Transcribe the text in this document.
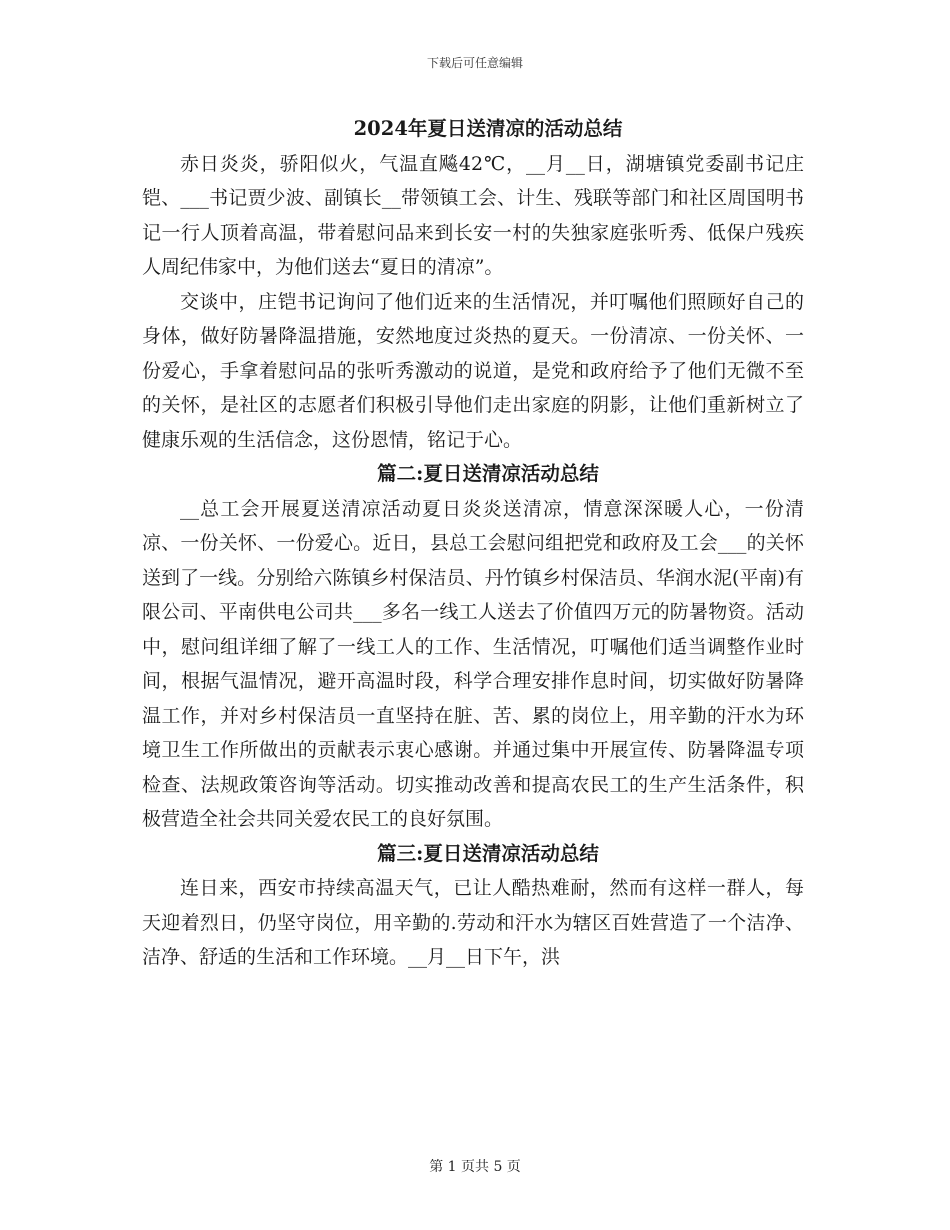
下载后可任意编辑
2024年夏日送清凉的活动总结

赤日炎炎，骄阳似火，气温直飚42℃，__月__日，湖塘镇党委副书记庄铠、___书记贾少波、副镇长__带领镇工会、计生、残联等部门和社区周国明书记一行人顶着高温，带着慰问品来到长安一村的失独家庭张听秀、低保户残疾人周纪伟家中，为他们送去“夏日的清凉”。

交谈中，庄铠书记询问了他们近来的生活情况，并叮嘱他们照顾好自己的身体，做好防暑降温措施，安然地度过炎热的夏天。一份清凉、一份关怀、一份爱心，手拿着慰问品的张听秀激动的说道，是党和政府给予了他们无微不至的关怀，是社区的志愿者们积极引导他们走出家庭的阴影，让他们重新树立了健康乐观的生活信念，这份恩情，铭记于心。

篇二:夏日送清凉活动总结

__总工会开展夏送清凉活动夏日炎炎送清凉，情意深深暖人心，一份清凉、一份关怀、一份爱心。近日，县总工会慰问组把党和政府及工会___的关怀送到了一线。分别给六陈镇乡村保洁员、丹竹镇乡村保洁员、华润水泥(平南)有限公司、平南供电公司共___多名一线工人送去了价值四万元的防暑物资。活动中，慰问组详细了解了一线工人的工作、生活情况，叮嘱他们适当调整作业时间，根据气温情况，避开高温时段，科学合理安排作息时间，切实做好防暑降温工作，并对乡村保洁员一直坚持在脏、苦、累的岗位上，用辛勤的汗水为环境卫生工作所做出的贡献表示衷心感谢。并通过集中开展宣传、防暑降温专项检查、法规政策咨询等活动。切实推动改善和提高农民工的生产生活条件，积极营造全社会共同关爱农民工的良好氛围。

篇三:夏日送清凉活动总结

连日来，西安市持续高温天气，已让人酷热难耐，然而有这样一群人，每天迎着烈日，仍坚守岗位，用辛勤的.劳动和汗水为辖区百姓营造了一个洁净、洁净、舒适的生活和工作环境。__月__日下午，洪

第 1 页共 5 页
